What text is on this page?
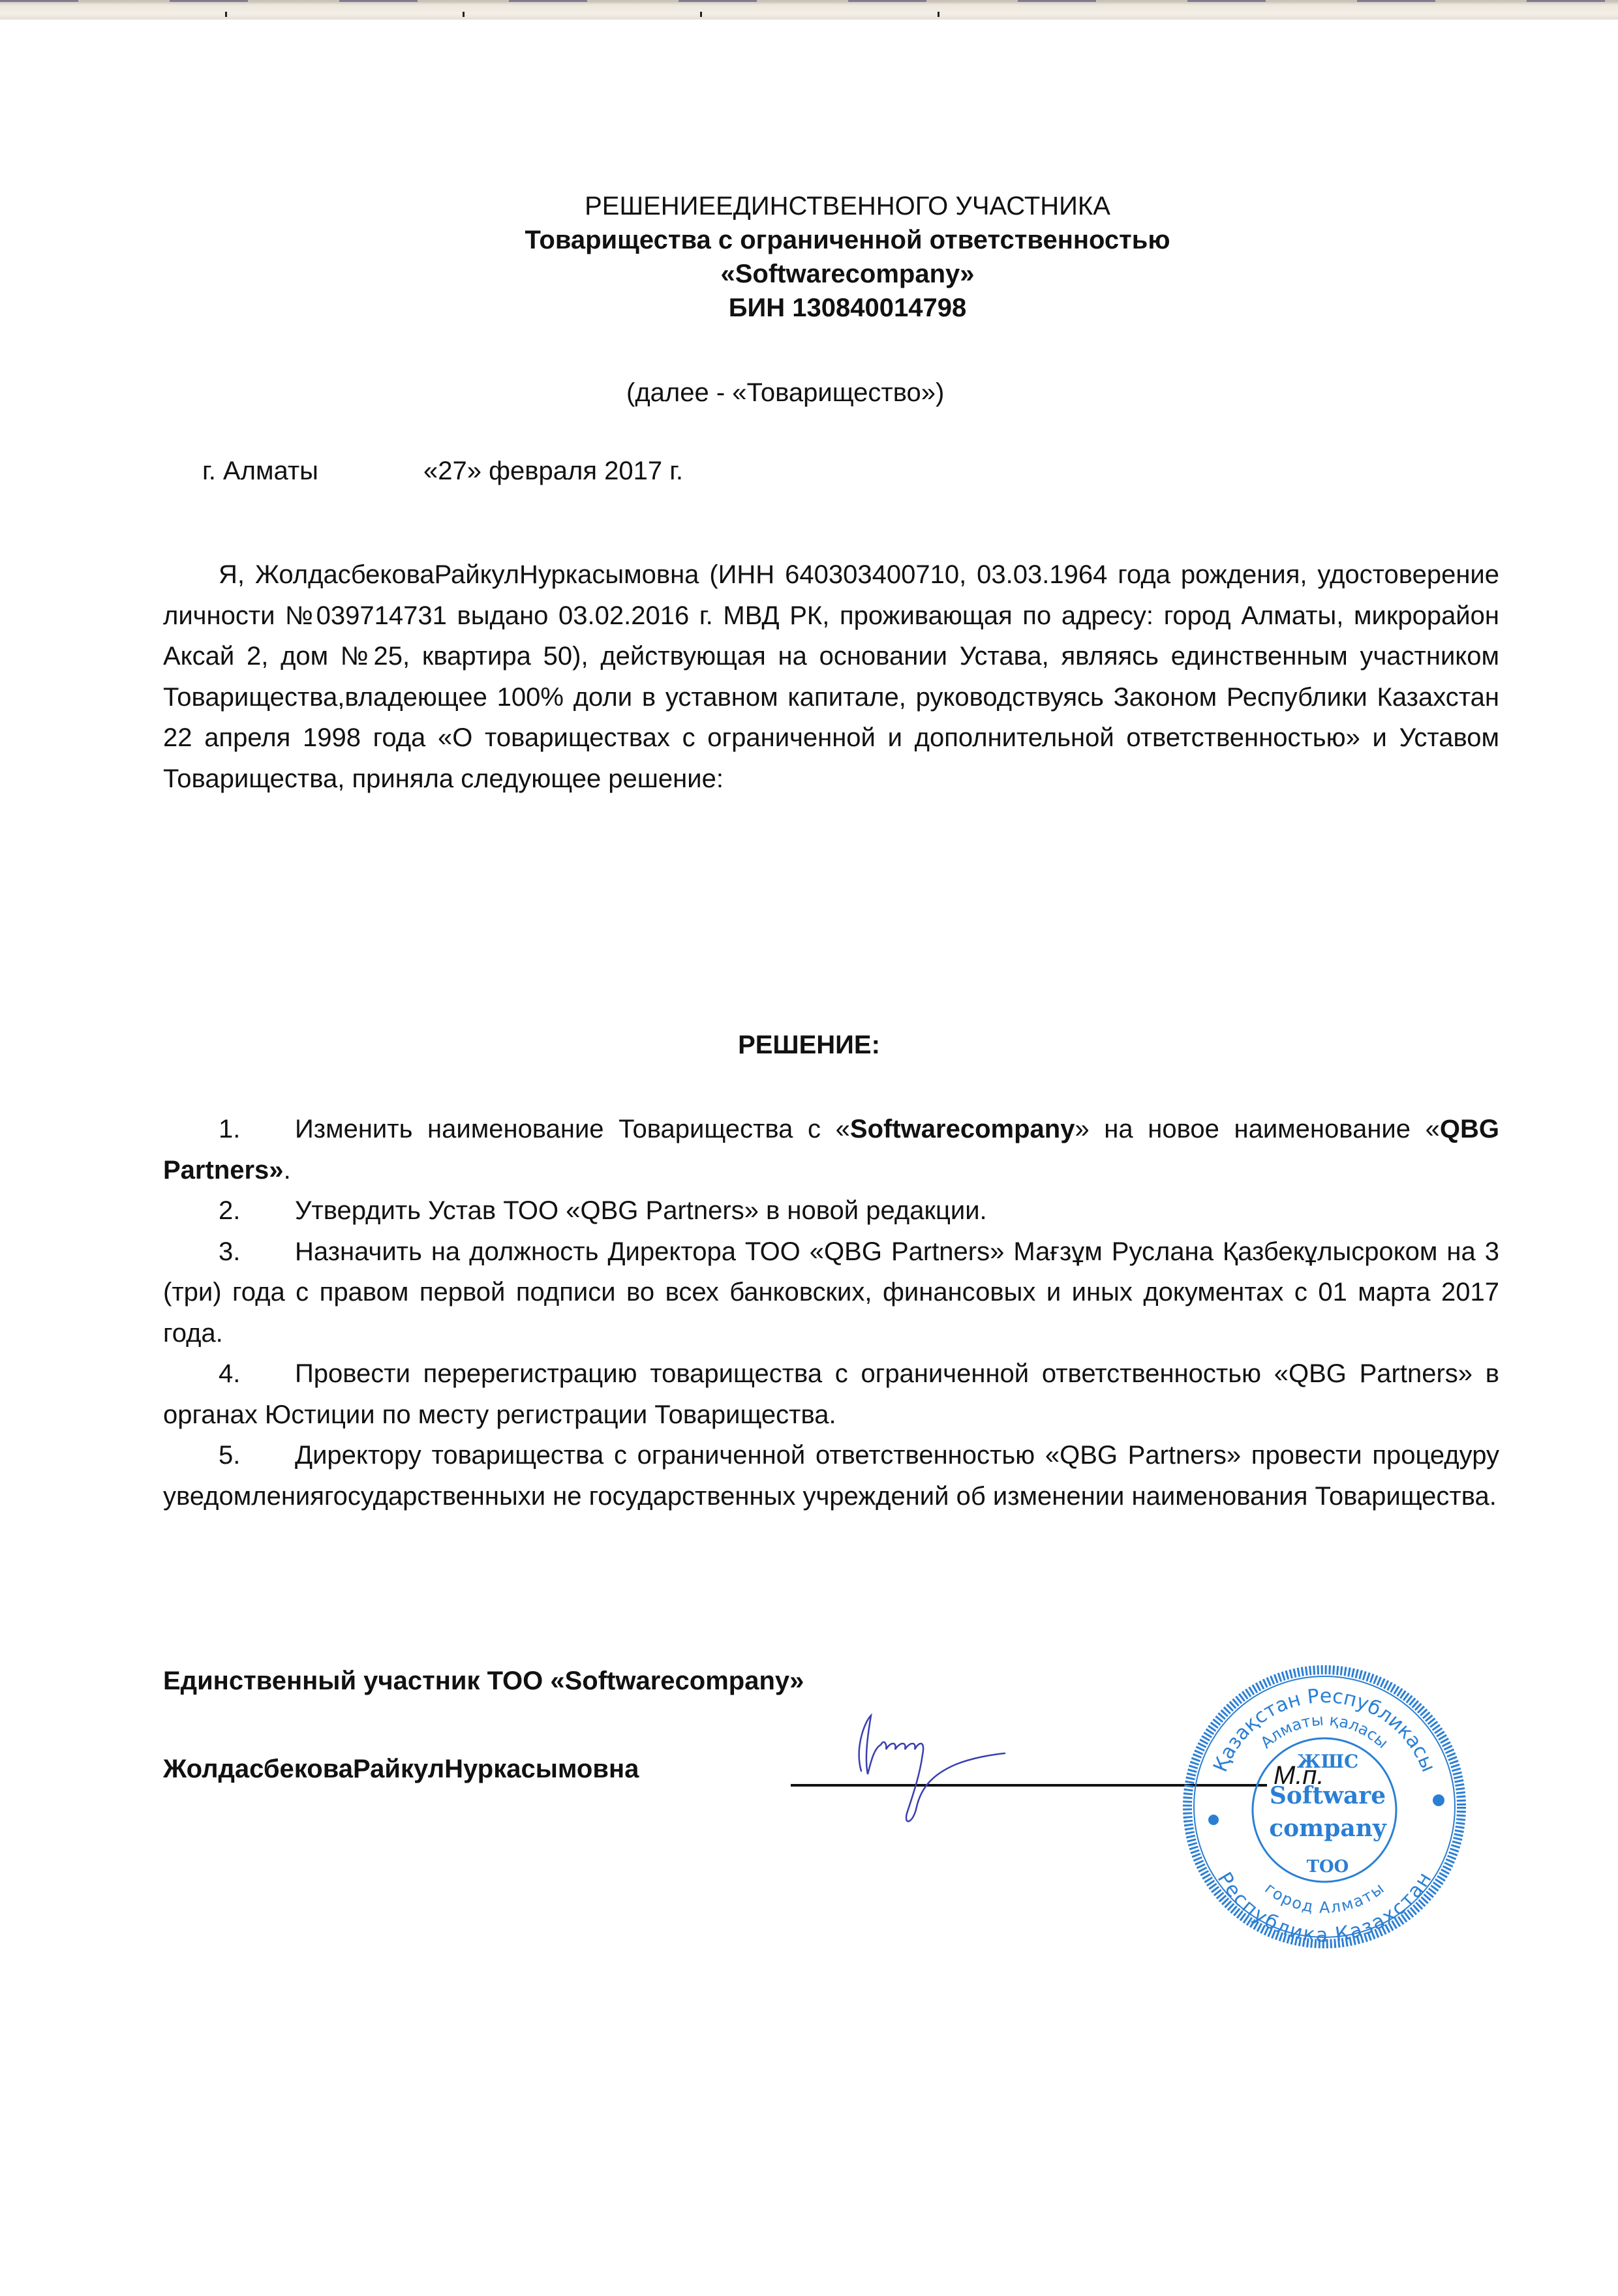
РЕШЕНИЕЕДИНСТВЕННОГО УЧАСТНИКА
Товарищества с ограниченной ответственностью
«Softwarecompany»
БИН 130840014798
(далее - «Товарищество»)
г. Алматы	«27» февраля 2017 г.

Я, ЖолдасбековаРайкулНуркасымовна (ИНН 640303400710, 03.03.1964 года рождения, удостоверение личности №039714731 выдано 03.02.2016 г. МВД РК, проживающая по адресу: город Алматы, микрорайон Аксай 2, дом №25, квартира 50), действующая на основании Устава, являясь единственным участником Товарищества,владеющее 100% доли в уставном капитале, руководствуясь Законом Республики Казахстан 22 апреля 1998 года «О товариществах с ограниченной и дополнительной ответственностью» и Уставом Товарищества, приняла следующее решение:

РЕШЕНИЕ:

1. Изменить наименование Товарищества с «Softwarecompany» на новое наименование «QBG Partners».

2. Утвердить Устав ТОО «QBG Partners» в новой редакции.

3. Назначить на должность Директора ТОО «QBG Partners» Мағзұм Руслана Қазбекұлысроком на 3 (три) года с правом первой подписи во всех банковских, финансовых и иных документах с 01 марта 2017 года.

4. Провести перерегистрацию товарищества с ограниченной ответственностью «QBG Partners» в органах Юстиции по месту регистрации Товарищества.

5. Директору товарищества с ограниченной ответственностью «QBG Partners» провести процедуру уведомлениягосударственныхи не государственных учреждений об изменении наименования Товарищества.

Единственный участник ТОО «Softwarecompany»
ЖолдасбековаРайкулНуркасымовна	Қазақстан Республикасы
Алматы қаласы
Республика Казахстан
город Алматы
ЖШС
Software
company
ТОО
М.п.
